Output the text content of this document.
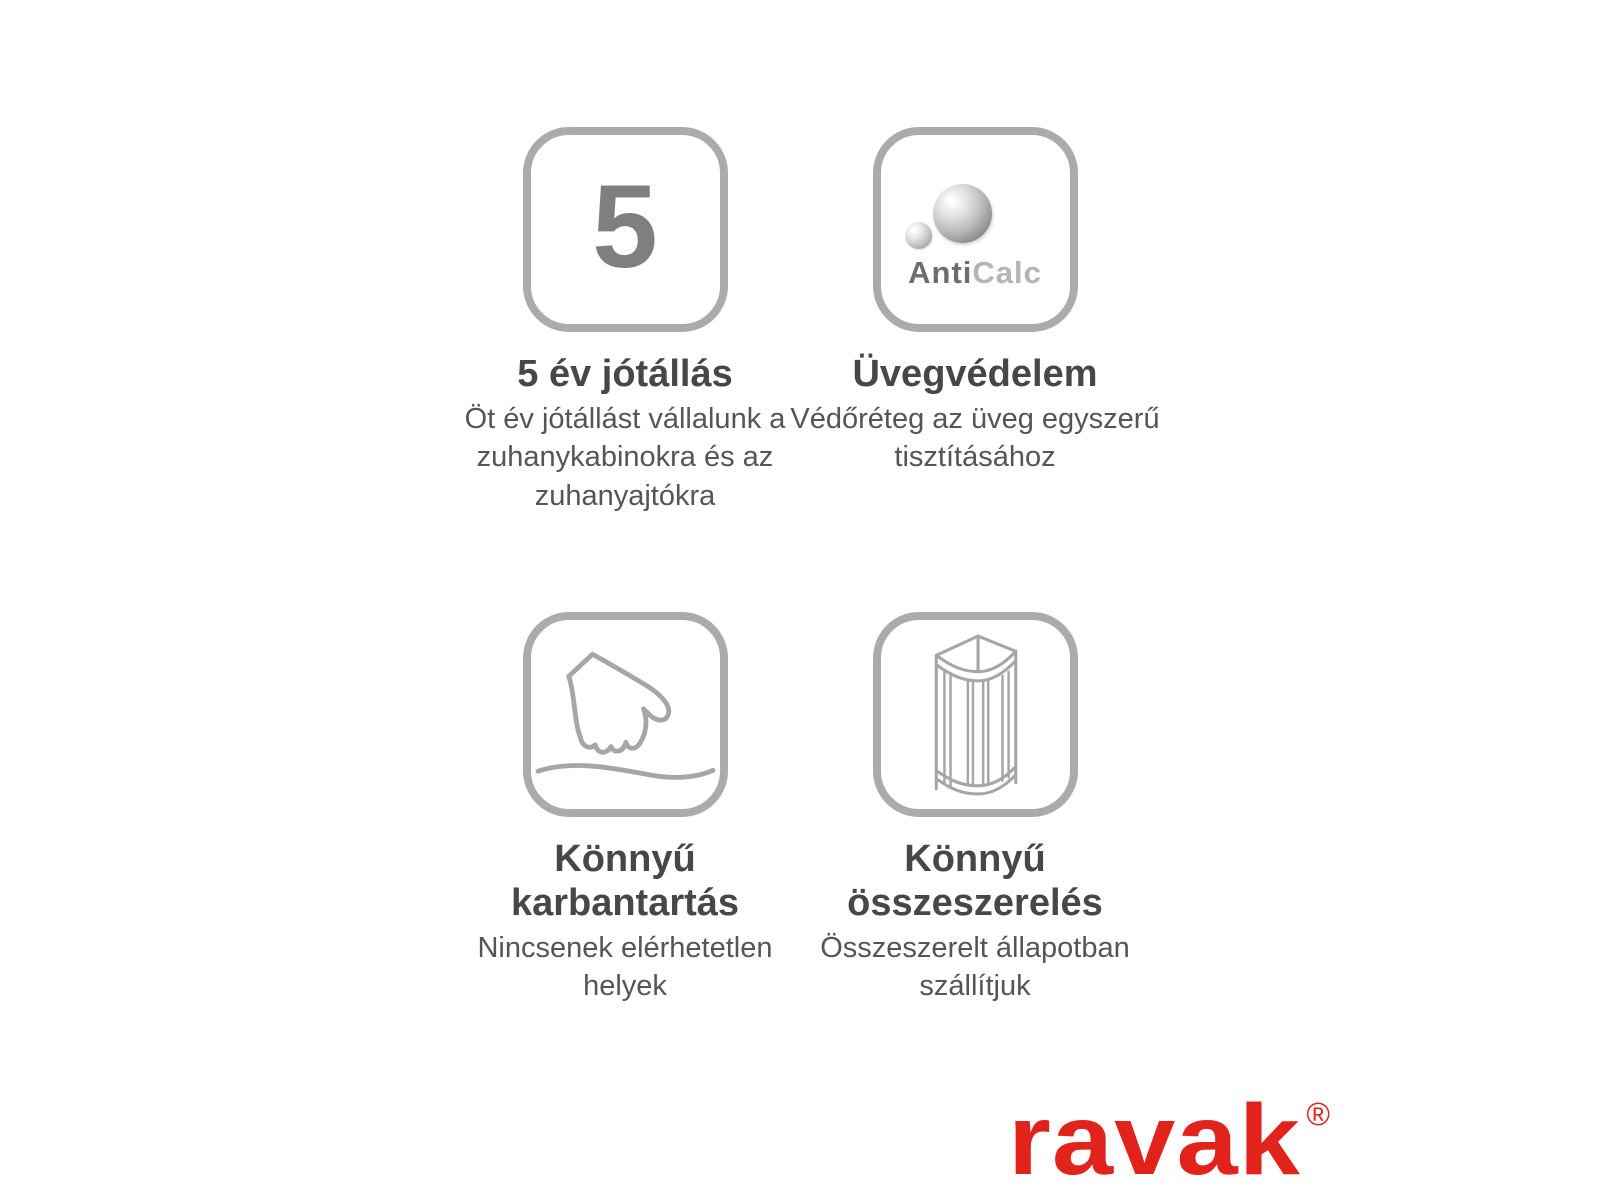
5
5 év jótállás

Öt év jótállást vállalunk a zuhanykabinokra és az zuhanyajtókra

AntiCalc
Üvegvédelem

Védőréteg az üveg egyszerű tisztításához

Könnyű karbantartás

Nincsenek elérhetetlen helyek

Könnyű összeszerelés

Összeszerelt állapotban szállítjuk

ravak ®
